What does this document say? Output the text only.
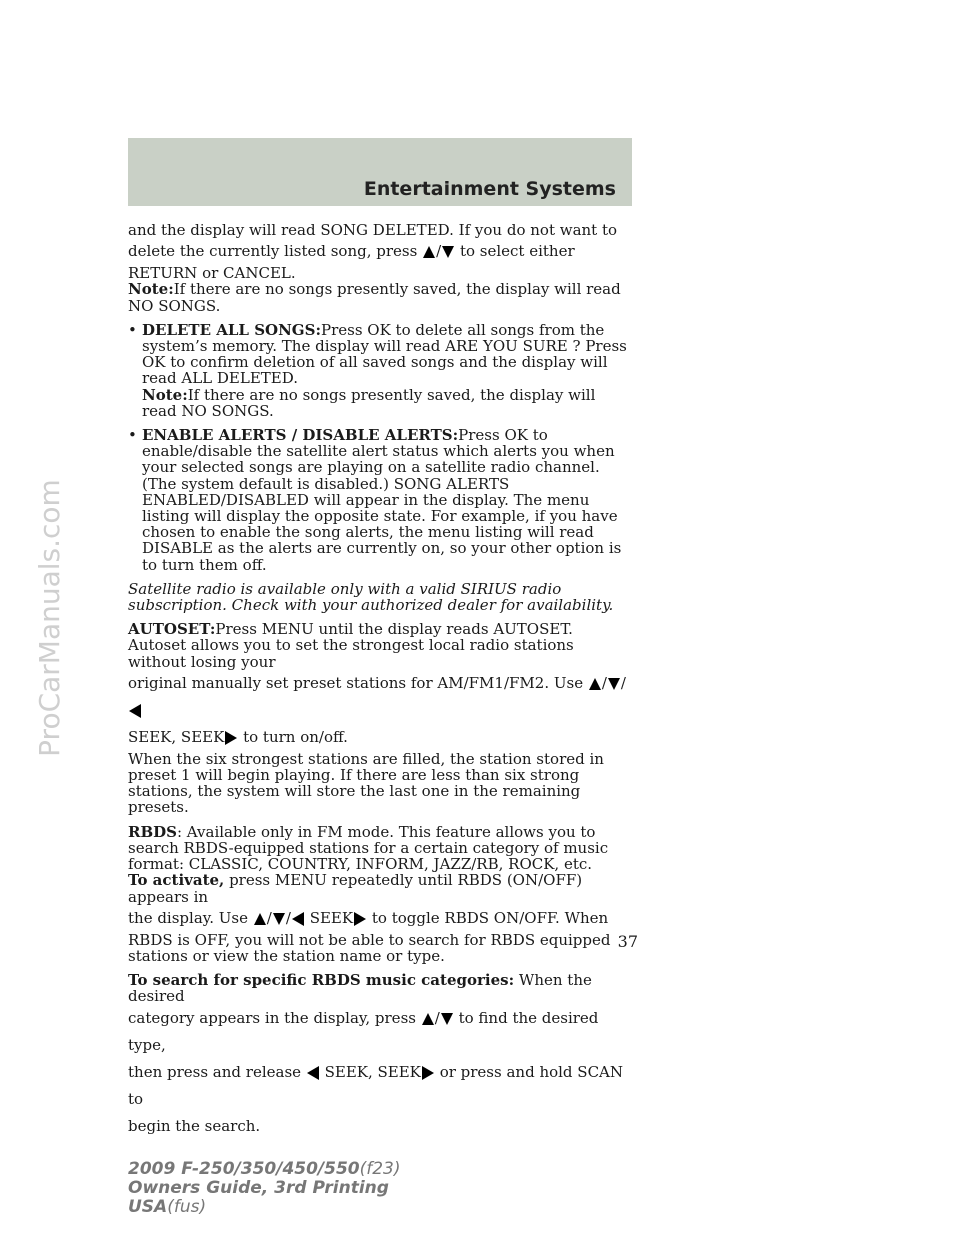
Entertainment Systems
ProCarManuals.com
and the display will read SONG DELETED. If you do not want to
delete the currently listed song, press / to select either
RETURN or CANCEL.

Note:If there are no songs presently saved, the display will read NO SONGS.

• DELETE ALL SONGS:Press OK to delete all songs from the system’s memory. The display will read ARE YOU SURE ? Press OK to confirm deletion of all saved songs and the display will read ALL DELETED.

Note:If there are no songs presently saved, the display will read NO SONGS.

• ENABLE ALERTS / DISABLE ALERTS:Press OK to enable/disable the satellite alert status which alerts you when your selected songs are playing on a satellite radio channel. (The system default is disabled.) SONG ALERTS ENABLED/DISABLED will appear in the display. The menu listing will display the opposite state. For example, if you have chosen to enable the song alerts, the menu listing will read DISABLE as the alerts are currently on, so your other option is to turn them off.

Satellite radio is available only with a valid SIRIUS radio subscription. Check with your authorized dealer for availability.

AUTOSET:Press MENU until the display reads AUTOSET. Autoset allows you to set the strongest local radio stations without losing your

original manually set preset stations for AM/FM1/FM2. Use / /
SEEK, SEEK to turn on/off.

When the six strongest stations are filled, the station stored in preset 1 will begin playing. If there are less than six strong stations, the system will store the last one in the remaining presets.

RBDS: Available only in FM mode. This feature allows you to search RBDS-equipped stations for a certain category of music format: CLASSIC, COUNTRY, INFORM, JAZZ/RB, ROCK, etc.

To activate, press MENU repeatedly until RBDS (ON/OFF) appears in
the display. Use / / SEEK to toggle RBDS ON/OFF. When

RBDS is OFF, you will not be able to search for RBDS equipped stations or view the station name or type.

To search for specific RBDS music categories: When the desired
category appears in the display, press / to find the desired type,
then press and release SEEK, SEEK or press and hold SCAN to
begin the search.
37
2009 F-250/350/450/550(f23)
Owners Guide, 3rd Printing
USA(fus)
